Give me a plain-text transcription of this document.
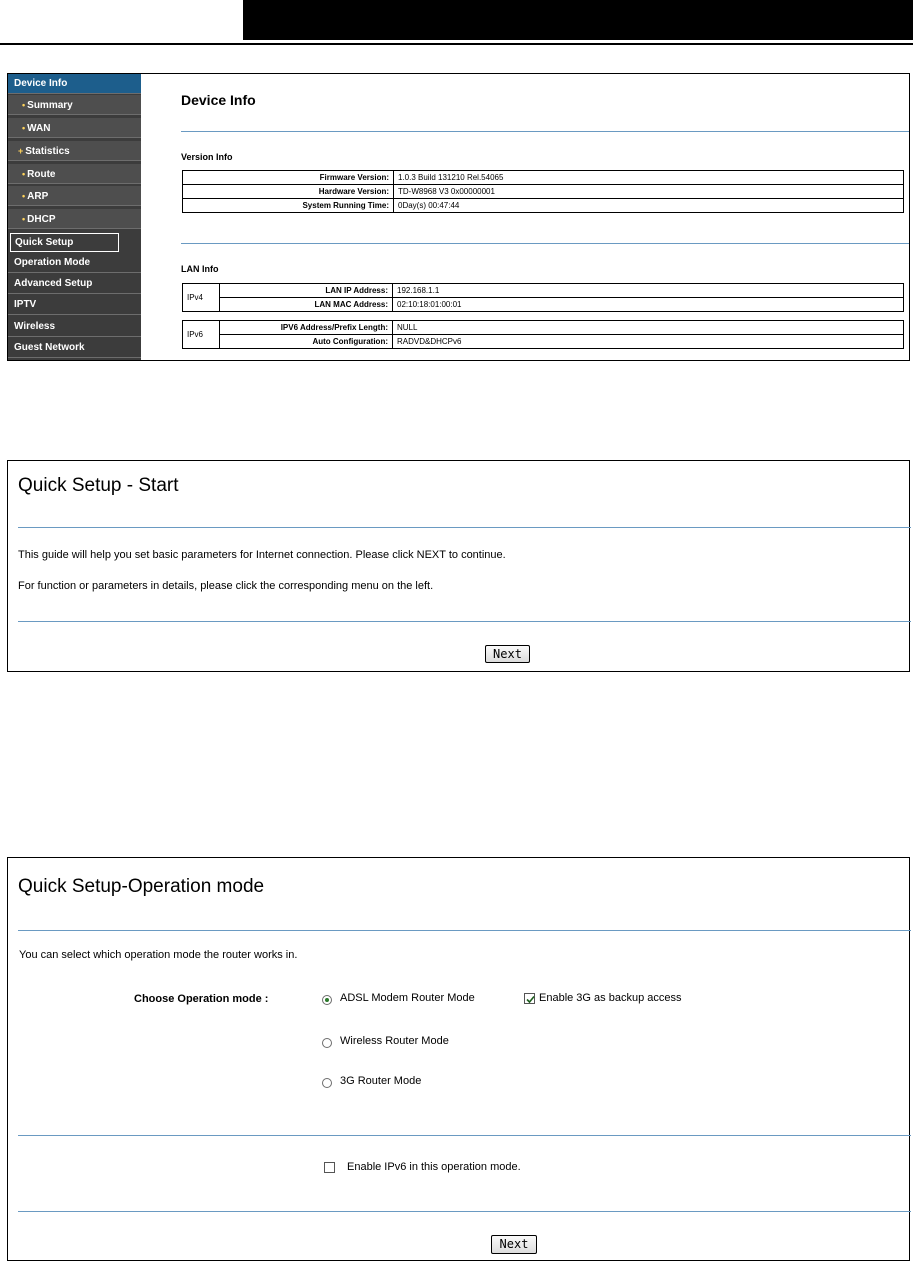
Device Info
• Summary
• WAN
+ Statistics
• Route
• ARP
• DHCP
Quick Setup
Operation Mode
Advanced Setup
IPTV
Wireless
Guest Network
Device Info
Version Info
Firmware Version:	1.0.3 Build 131210 Rel.54065
Hardware Version:	TD-W8968 V3 0x00000001
System Running Time:	0Day(s) 00:47:44
LAN Info
IPv4	LAN IP Address:	192.168.1.1
	LAN MAC Address:	02:10:18:01:00:01
IPv6	IPV6 Address/Prefix Length:	NULL
	Auto Configuration:	RADVD&DHCPv6
Quick Setup - Start
This guide will help you set basic parameters for Internet connection. Please click NEXT to continue.
For function or parameters in details, please click the corresponding menu on the left.
Next
Quick Setup-Operation mode
You can select which operation mode the router works in.
Choose Operation mode :	ADSL Modem Router Mode	Enable 3G as backup access
Wireless Router Mode
3G Router Mode
Enable IPv6 in this operation mode.
Next
